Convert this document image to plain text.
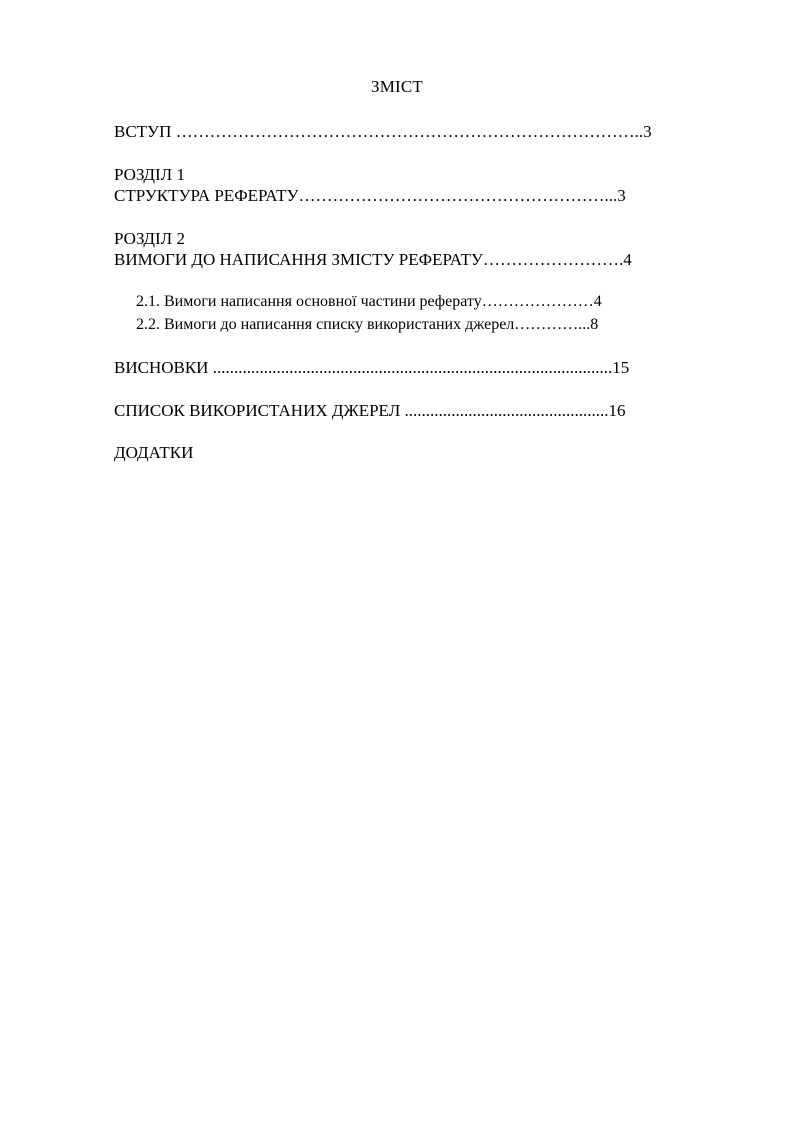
ЗМІСТ
ВСТУП ………………………………………………………………………..3
РОЗДІЛ 1
СТРУКТУРА РЕФЕРАТУ………………………………………………...3
РОЗДІЛ 2
ВИМОГИ ДО НАПИСАННЯ ЗМІСТУ РЕФЕРАТУ…………………….4
2.1. Вимоги написання основної частини реферату…………………4
2.2. Вимоги до написання списку використаних джерел…………...8
ВИСНОВКИ ..............................................................................................15
СПИСОК ВИКОРИСТАНИХ ДЖЕРЕЛ ................................................16
ДОДАТКИ
